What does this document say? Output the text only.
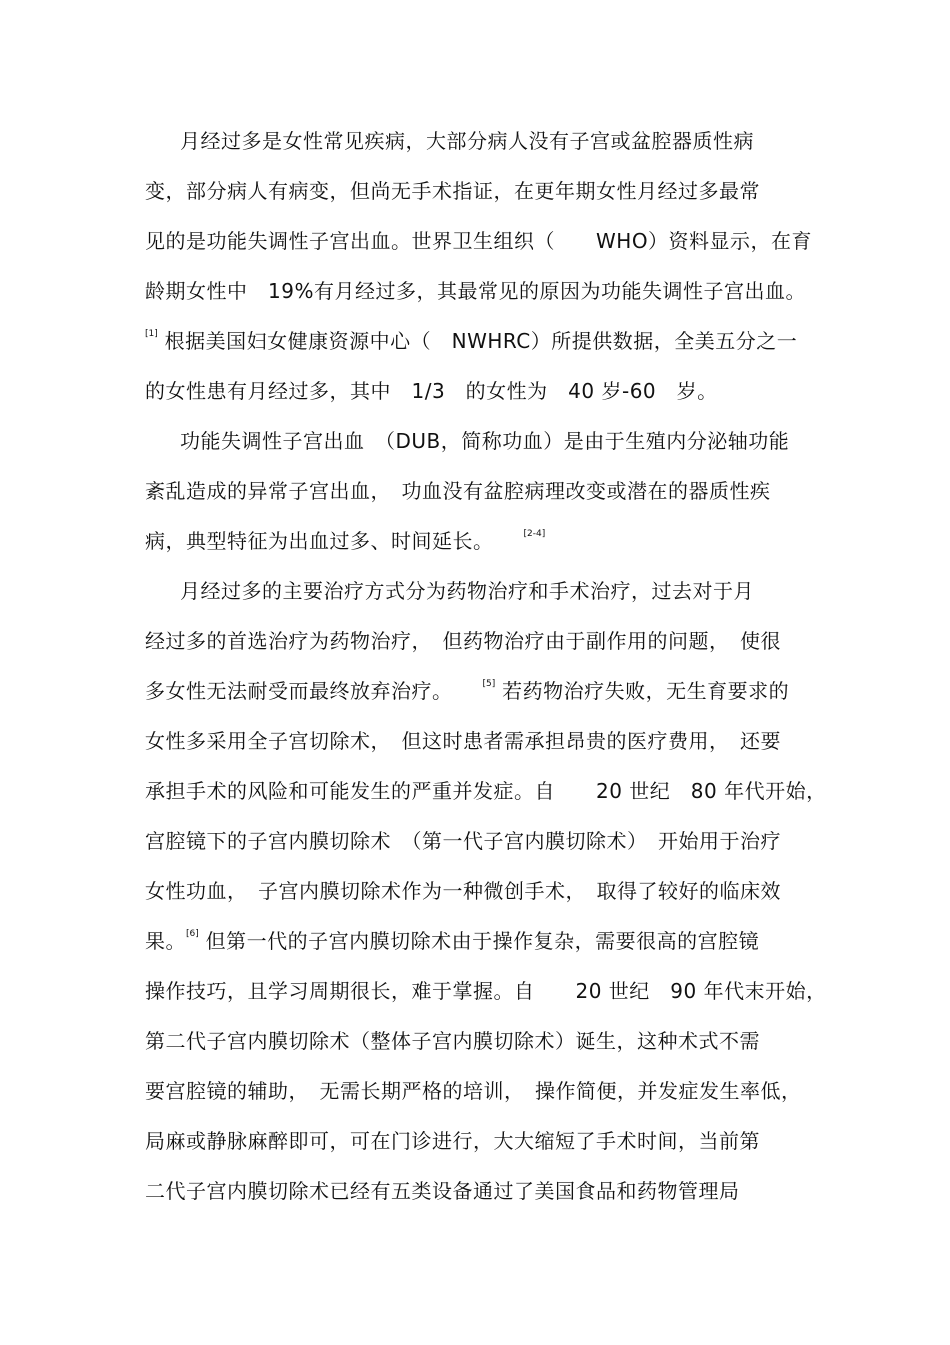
月经过多是女性常见疾病，大部分病人没有子宫或盆腔器质性病
变，部分病人有病变，但尚无手术指证，在更年期女性月经过多最常
见的是功能失调性子宫出血。世界卫生组织（　　WHO）资料显示，在育
龄期女性中　19%有月经过多，其最常见的原因为功能失调性子宫出血。
[1] 根据美国妇女健康资源中心（　NWHRC）所提供数据，全美五分之一
的女性患有月经过多，其中　1/3　的女性为　40 岁-60　岁。
功能失调性子宫出血　（DUB，简称功血）是由于生殖内分泌轴功能
紊乱造成的异常子宫出血，　功血没有盆腔病理改变或潜在的器质性疾
病，典型特征为出血过多、时间延长。	[2-4]
月经过多的主要治疗方式分为药物治疗和手术治疗，过去对于月
经过多的首选治疗为药物治疗，　但药物治疗由于副作用的问题，　使很
多女性无法耐受而最终放弃治疗。	[5] 若药物治疗失败，无生育要求的
女性多采用全子宫切除术，　但这时患者需承担昂贵的医疗费用，　还要
承担手术的风险和可能发生的严重并发症。自　　20 世纪　80 年代开始，
宫腔镜下的子宫内膜切除术　（第一代子宫内膜切除术）　开始用于治疗
女性功血，　子宫内膜切除术作为一种微创手术，　取得了较好的临床效
果。[6] 但第一代的子宫内膜切除术由于操作复杂，需要很高的宫腔镜
操作技巧，且学习周期很长，难于掌握。自　　20 世纪　90 年代末开始，
第二代子宫内膜切除术（整体子宫内膜切除术）诞生，这种术式不需
要宫腔镜的辅助，　无需长期严格的培训，　操作简便，并发症发生率低，
局麻或静脉麻醉即可，可在门诊进行，大大缩短了手术时间，当前第
二代子宫内膜切除术已经有五类设备通过了美国食品和药物管理局
